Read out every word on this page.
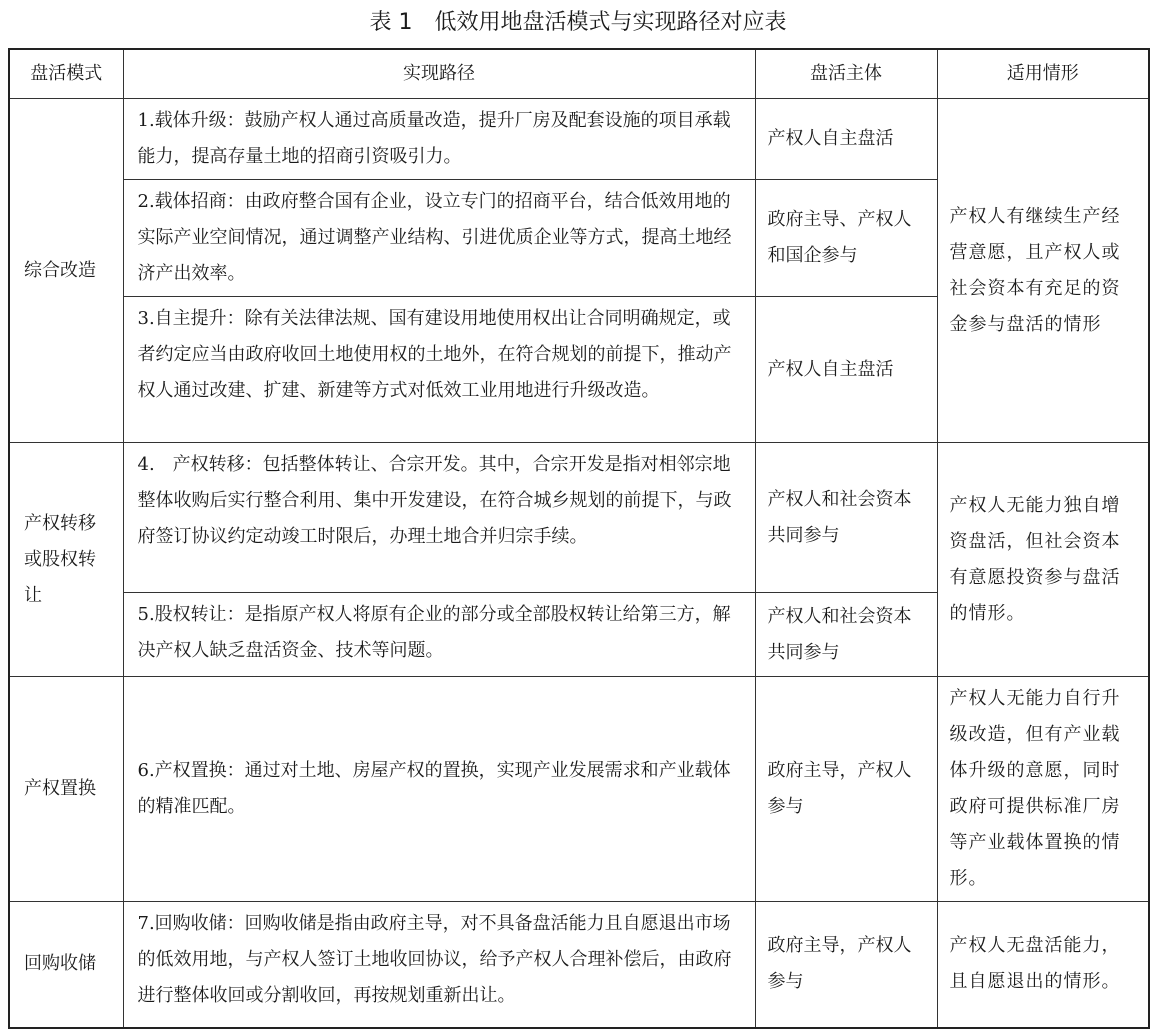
表 1　低效用地盘活模式与实现路径对应表
盘活模式	实现路径	盘活主体	适用情形
综合改造	1.载体升级：鼓励产权人通过高质量改造，提升厂房及配套设施的项目承载能力，提高存量土地的招商引资吸引力。	产权人自主盘活	产权人有继续生产经营意愿，且产权人或社会资本有充足的资金参与盘活的情形
	2.载体招商：由政府整合国有企业，设立专门的招商平台，结合低效用地的实际产业空间情况，通过调整产业结构、引进优质企业等方式，提高土地经济产出效率。	政府主导、产权人和国企参与	
	3.自主提升：除有关法律法规、国有建设用地使用权出让合同明确规定，或者约定应当由政府收回土地使用权的土地外，在符合规划的前提下，推动产权人通过改建、扩建、新建等方式对低效工业用地进行升级改造。	产权人自主盘活	
产权转移或股权转让	4.　产权转移：包括整体转让、合宗开发。其中，合宗开发是指对相邻宗地整体收购后实行整合利用、集中开发建设，在符合城乡规划的前提下，与政府签订协议约定动竣工时限后，办理土地合并归宗手续。	产权人和社会资本共同参与	产权人无能力独自增资盘活，但社会资本有意愿投资参与盘活的情形。
	5.股权转让：是指原产权人将原有企业的部分或全部股权转让给第三方，解决产权人缺乏盘活资金、技术等问题。	产权人和社会资本共同参与	
产权置换	6.产权置换：通过对土地、房屋产权的置换，实现产业发展需求和产业载体的精准匹配。	政府主导，产权人参与	产权人无能力自行升级改造，但有产业载体升级的意愿，同时政府可提供标准厂房等产业载体置换的情形。
回购收储	7.回购收储：回购收储是指由政府主导，对不具备盘活能力且自愿退出市场的低效用地，与产权人签订土地收回协议，给予产权人合理补偿后，由政府进行整体收回或分割收回，再按规划重新出让。	政府主导，产权人参与	产权人无盘活能力，且自愿退出的情形。
